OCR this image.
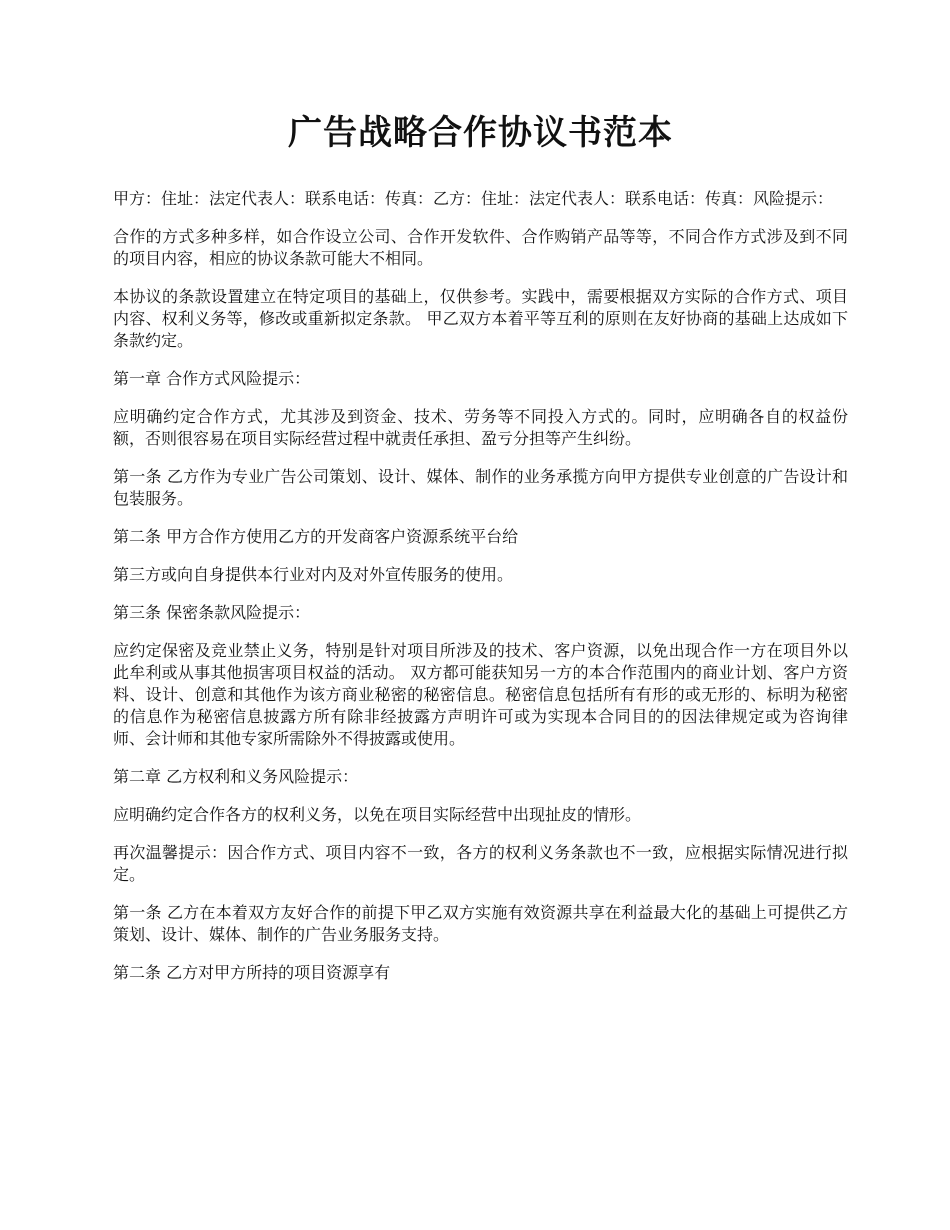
广告战略合作协议书范本

甲方：住址：法定代表人：联系电话：传真：乙方：住址：法定代表人：联系电话：传真：风险提示：

合作的方式多种多样，如合作设立公司、合作开发软件、合作购销产品等等，不同合作方式涉及到不同的项目内容，相应的协议条款可能大不相同。

本协议的条款设置建立在特定项目的基础上，仅供参考。实践中，需要根据双方实际的合作方式、项目内容、权利义务等，修改或重新拟定条款。 甲乙双方本着平等互利的原则在友好协商的基础上达成如下条款约定。

第一章 合作方式风险提示：

应明确约定合作方式，尤其涉及到资金、技术、劳务等不同投入方式的。同时，应明确各自的权益份额，否则很容易在项目实际经营过程中就责任承担、盈亏分担等产生纠纷。

第一条 乙方作为专业广告公司策划、设计、媒体、制作的业务承揽方向甲方提供专业创意的广告设计和包装服务。

第二条 甲方合作方使用乙方的开发商客户资源系统平台给

第三方或向自身提供本行业对内及对外宣传服务的使用。

第三条 保密条款风险提示：

应约定保密及竞业禁止义务，特别是针对项目所涉及的技术、客户资源，以免出现合作一方在项目外以此牟利或从事其他损害项目权益的活动。 双方都可能获知另一方的本合作范围内的商业计划、客户方资料、设计、创意和其他作为该方商业秘密的秘密信息。秘密信息包括所有有形的或无形的、标明为秘密的信息作为秘密信息披露方所有除非经披露方声明许可或为实现本合同目的的因法律规定或为咨询律师、会计师和其他专家所需除外不得披露或使用。

第二章 乙方权利和义务风险提示：

应明确约定合作各方的权利义务，以免在项目实际经营中出现扯皮的情形。

再次温馨提示：因合作方式、项目内容不一致，各方的权利义务条款也不一致，应根据实际情况进行拟定。

第一条 乙方在本着双方友好合作的前提下甲乙双方实施有效资源共享在利益最大化的基础上可提供乙方策划、设计、媒体、制作的广告业务服务支持。

第二条 乙方对甲方所持的项目资源享有
